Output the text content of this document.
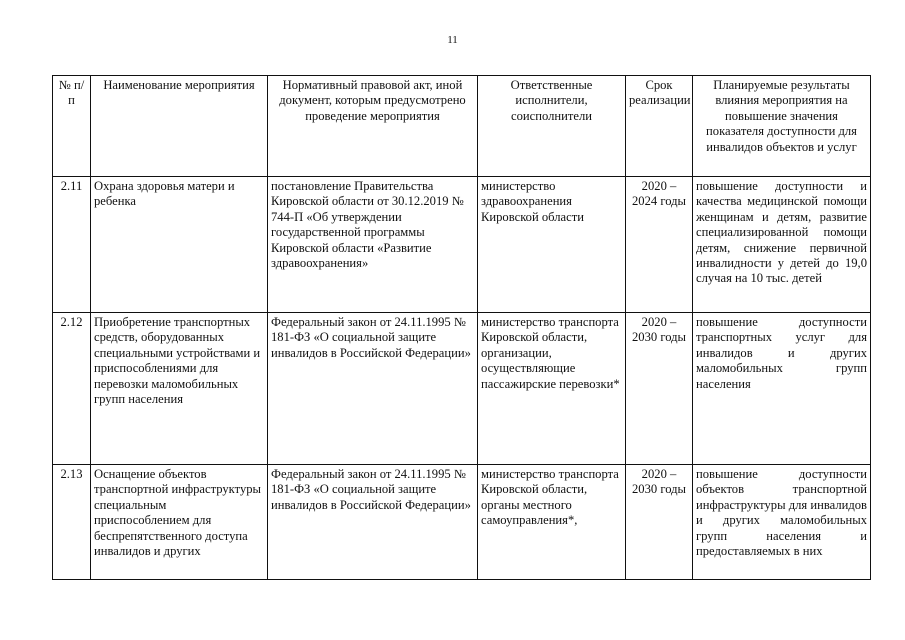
11
№ п/п	Наименование мероприятия	Нормативный правовой акт, иной документ, которым предусмотрено проведение мероприятия	Ответственные исполнители, соисполнители	Срок реализации	Планируемые результаты влияния мероприятия на повышение значения показателя доступности для инвалидов объектов и услуг
2.11	Охрана здоровья матери и ребенка	постановление Правительства Кировской области от 30.12.2019 № 744-П «Об утверждении государственной программы Кировской области «Развитие здравоохранения»	министерство здравоохранения Кировской области	2020 – 2024 годы	повышение доступности и качества медицинской помощи женщинам и детям, развитие специализированной помощи детям, снижение первичной инвалидности у детей до 19,0 случая на 10 тыс. детей
2.12	Приобретение транспортных средств, оборудованных специальными устройствами и приспособлениями для перевозки маломобильных групп населения	Федеральный закон от 24.11.1995 № 181-ФЗ «О социальной защите инвалидов в Российской Федерации»	министерство транспорта Кировской области, организации, осуществляющие пассажирские перевозки*	2020 – 2030 годы	повышение доступности транспортных услуг для инвалидов и других маломобильных групп населения
2.13	Оснащение объектов транспортной инфраструктуры специальным приспособлением для беспрепятственного доступа инвалидов и других	Федеральный закон от 24.11.1995 № 181-ФЗ «О социальной защите инвалидов в Российской Федерации»	министерство транспорта Кировской области, органы местного самоуправления*,	2020 – 2030 годы	повышение доступности объектов транспортной инфраструктуры для инвалидов и других маломобильных групп населения и предоставляемых в них
